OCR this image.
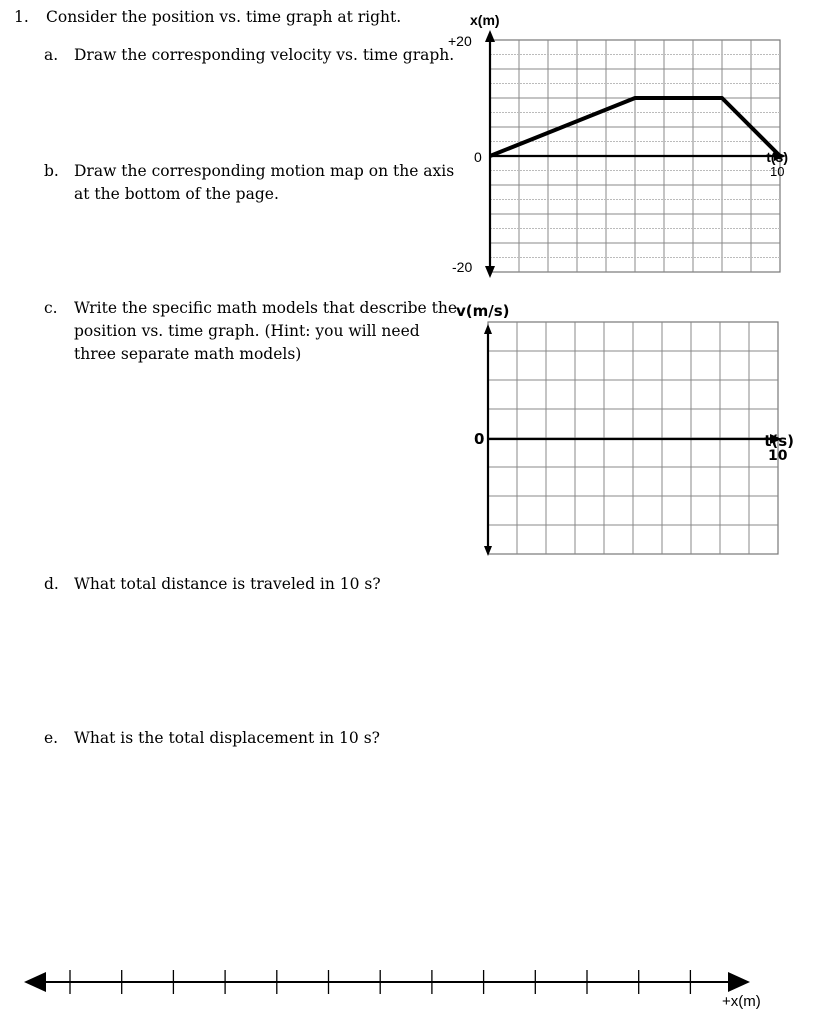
1. Consider the position vs. time graph at right.
a. Draw the corresponding velocity vs. time graph.
b. Draw the corresponding motion map on the axis
at the bottom of the page.
c. Write the specific math models that describe the
position vs. time graph. (Hint: you will need
three separate math models)
d. What total distance is traveled in 10 s?
e. What is the total displacement in 10 s?
x(m)
+20
0
-20
t(s)
10
v(m/s)
0	t(s)
10
+x(m)
